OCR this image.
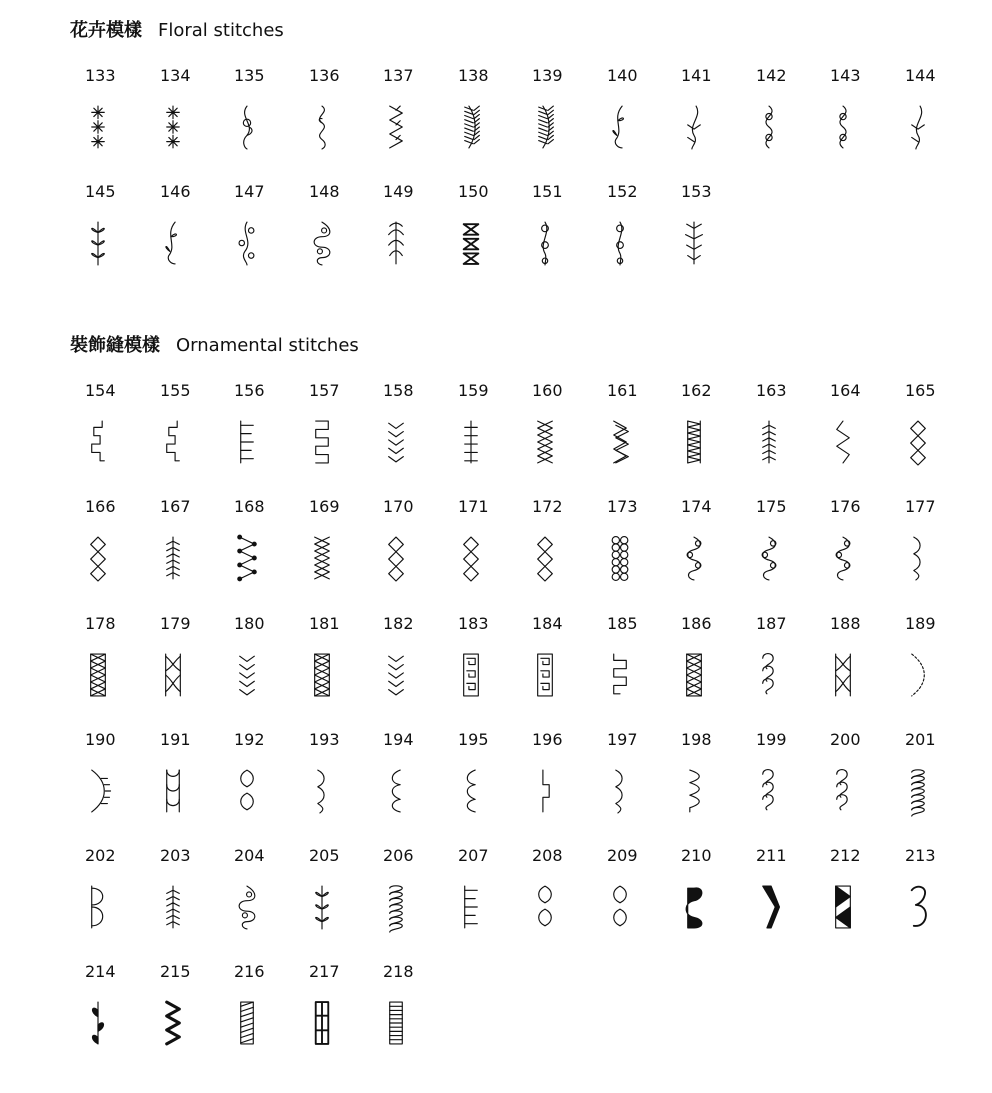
花卉模樣 Floral stitches
133	134	135	136	137	138	139	140	141	142	143	144
145	146	147	148	149	150	151	152	153
裝飾縫模樣 Ornamental stitches
154	155	156	157	158	159	160	161	162	163	164	165
166	167	168	169	170	171	172	173	174	175	176	177
178	179	180	181	182	183	184	185	186	187	188	189
190	191	192	193	194	195	196	197	198	199	200	201
202	203	204	205	206	207	208	209	210	211	212	213
214	215	216	217	218
